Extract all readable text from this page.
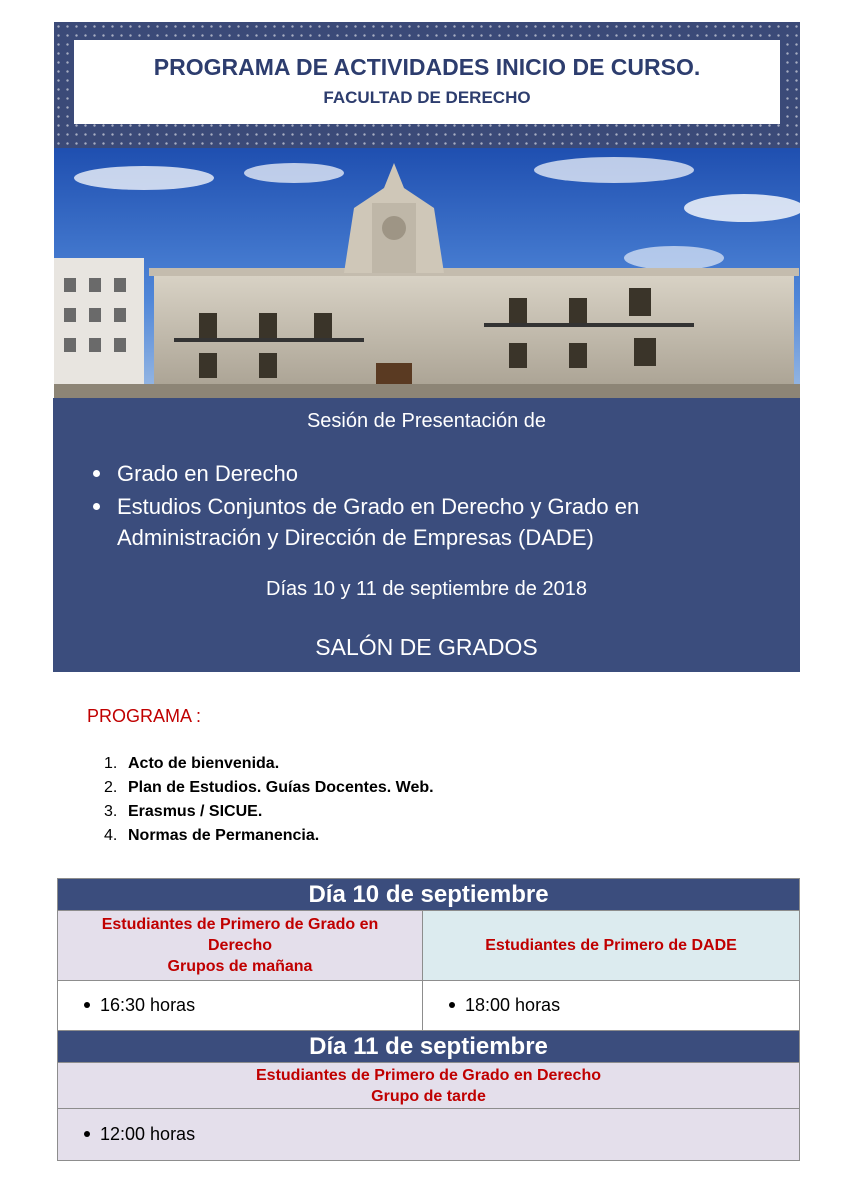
PROGRAMA DE ACTIVIDADES INICIO DE CURSO.
FACULTAD DE DERECHO
Sesión de Presentación de
Grado en Derecho
Estudios Conjuntos de Grado en Derecho y Grado en Administración y Dirección de Empresas (DADE)
Días 10 y 11 de septiembre de 2018
SALÓN DE GRADOS
PROGRAMA :
1. Acto de bienvenida.
2. Plan de Estudios. Guías Docentes. Web.
3. Erasmus / SICUE.
4. Normas de Permanencia.
Día 10 de septiembre	

Estudiantes de Primero de Grado en
Derecho
Grupos de mañana	Estudiantes de Primero de DADE

16:30 horas	18:00 horas
Día 11 de septiembre	

Estudiantes de Primero de Grado en Derecho
Grupo de tarde	

12:00 horas	
